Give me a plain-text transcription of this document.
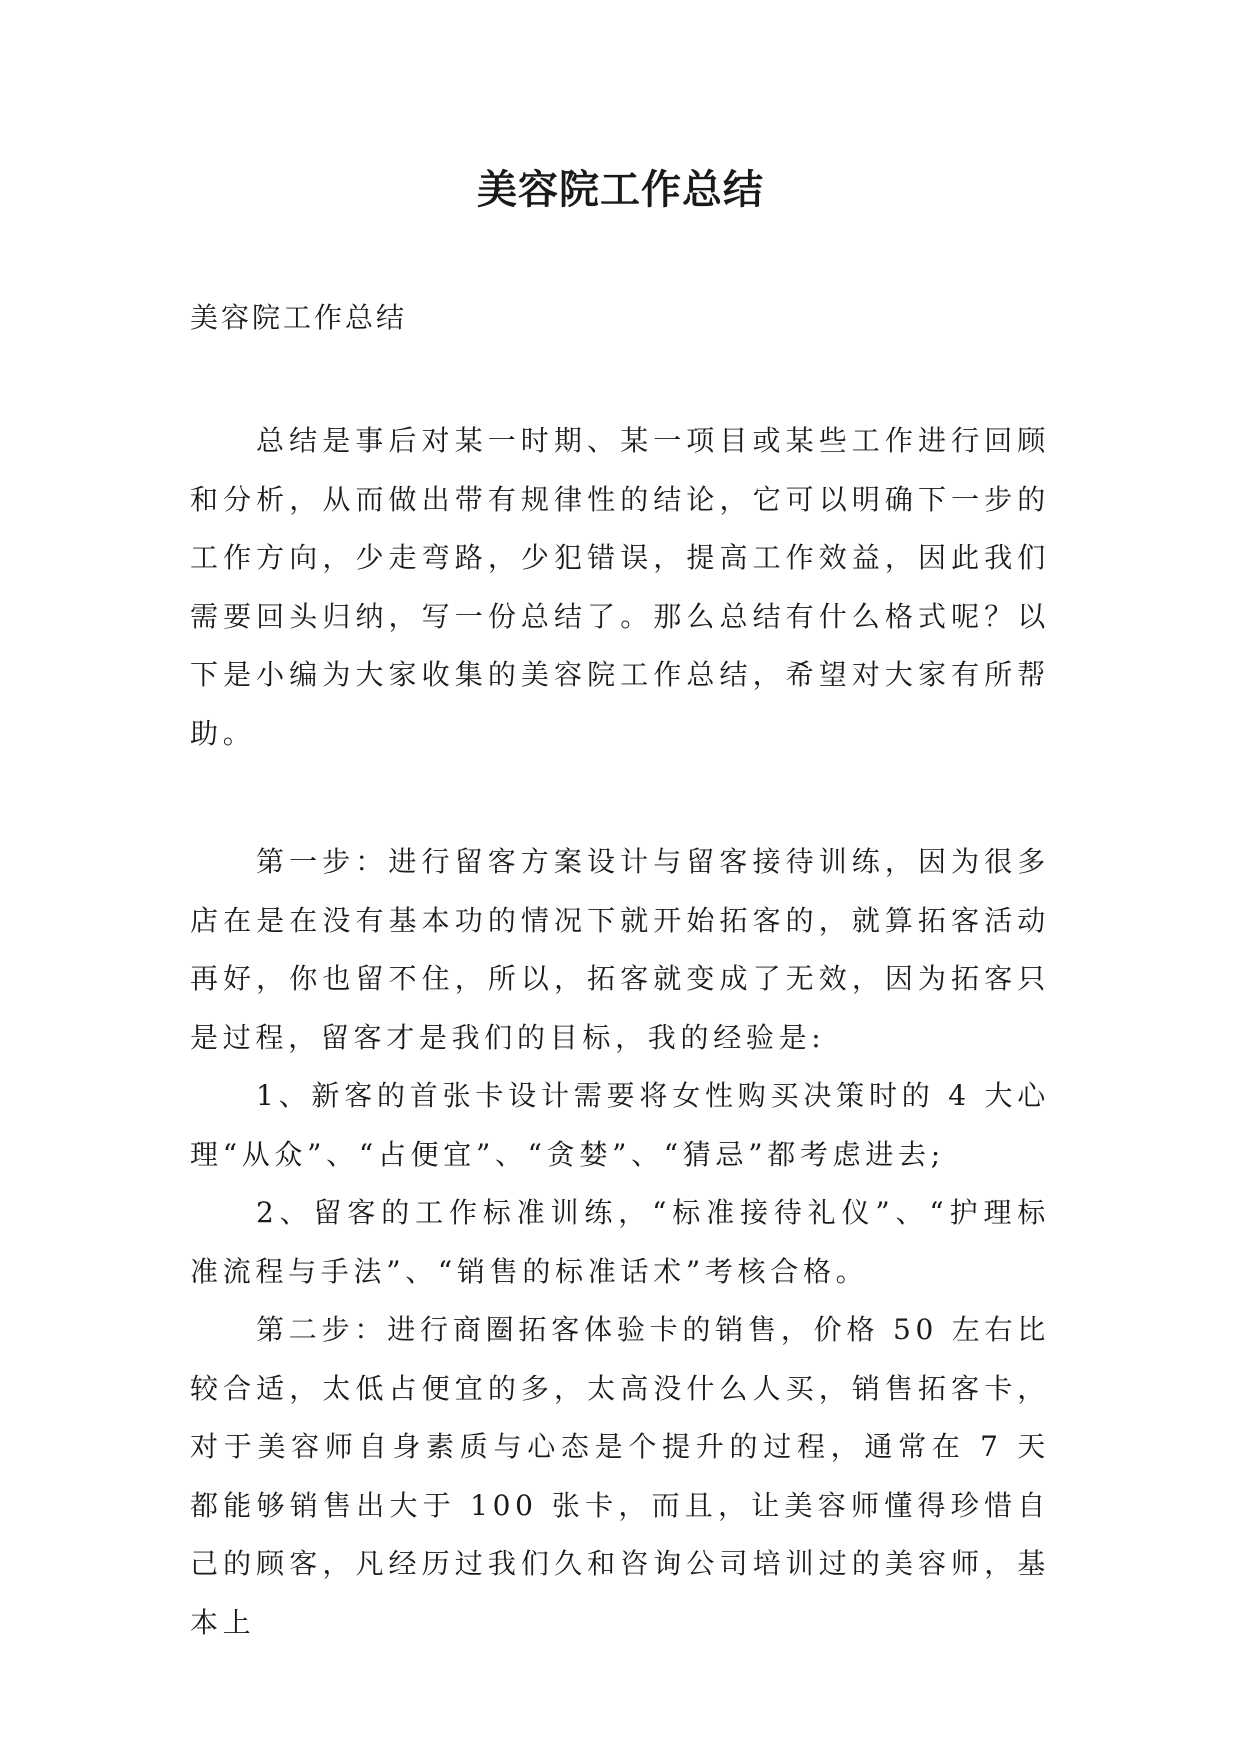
美容院工作总结

美容院工作总结

总结是事后对某一时期、某一项目或某些工作进行回顾和分析，从而做出带有规律性的结论，它可以明确下一步的工作方向，少走弯路，少犯错误，提高工作效益，因此我们需要回头归纳，写一份总结了。那么总结有什么格式呢？以下是小编为大家收集的美容院工作总结，希望对大家有所帮助。

第一步：进行留客方案设计与留客接待训练，因为很多店在是在没有基本功的情况下就开始拓客的，就算拓客活动再好，你也留不住，所以，拓客就变成了无效，因为拓客只是过程，留客才是我们的目标，我的经验是:

1、新客的首张卡设计需要将女性购买决策时的 4 大心理“从众”、“占便宜”、“贪婪”、“猜忌”都考虑进去;

2、留客的工作标准训练，“标准接待礼仪”、“护理标准流程与手法”、“销售的标准话术”考核合格。

第二步：进行商圈拓客体验卡的销售，价格 50 左右比较合适，太低占便宜的多，太高没什么人买，销售拓客卡，对于美容师自身素质与心态是个提升的过程，通常在 7 天都能够销售出大于 100 张卡，而且，让美容师懂得珍惜自己的顾客，凡经历过我们久和咨询公司培训过的美容师，基本上
